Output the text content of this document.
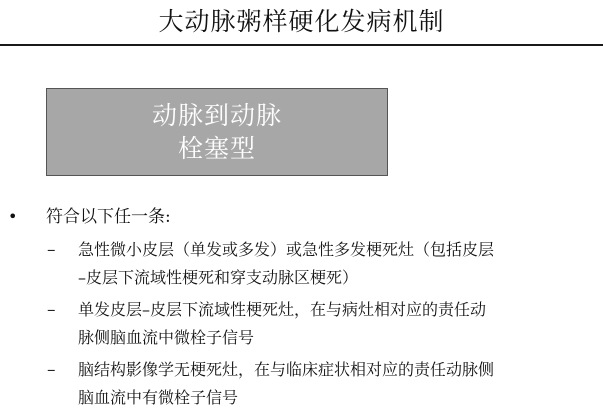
大动脉粥样硬化发病机制
动脉到动脉
栓塞型
• 符合以下任一条:
– 急性微小皮层（单发或多发）或急性多发梗死灶（包括皮层
–皮层下流域性梗死和穿支动脉区梗死）
– 单发皮层–皮层下流域性梗死灶，在与病灶相对应的责任动
脉侧脑血流中微栓子信号
– 脑结构影像学无梗死灶，在与临床症状相对应的责任动脉侧
脑血流中有微栓子信号
